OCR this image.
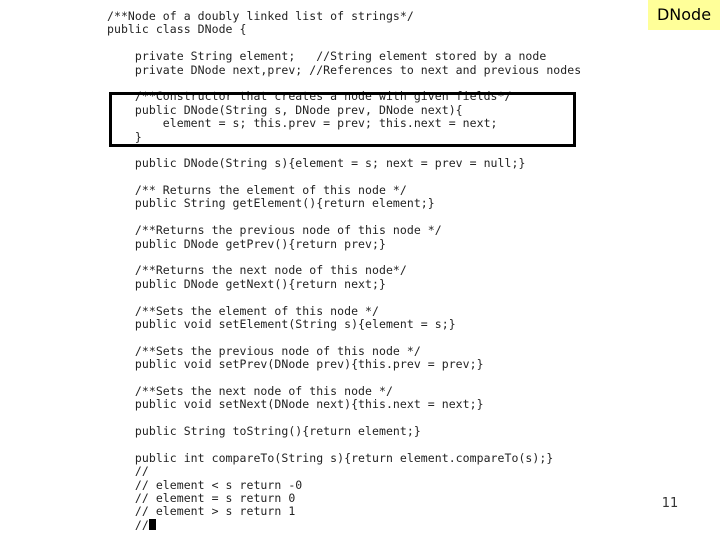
DNode
/**Node of a doubly linked list of strings*/
public class DNode {
private String element;   //String element stored by a node
private DNode next,prev; //References to next and previous nodes
/**Constructor that creates a node with given fields*/
public DNode(String s, DNode prev, DNode next){
element = s; this.prev = prev; this.next = next;
}
public DNode(String s){element = s; next = prev = null;}
/** Returns the element of this node */
public String getElement(){return element;}
/**Returns the previous node of this node */
public DNode getPrev(){return prev;}
/**Returns the next node of this node*/
public DNode getNext(){return next;}
/**Sets the element of this node */
public void setElement(String s){element = s;}
/**Sets the previous node of this node */
public void setPrev(DNode prev){this.prev = prev;}
/**Sets the next node of this node */
public void setNext(DNode next){this.next = next;}
public String toString(){return element;}
public int compareTo(String s){return element.compareTo(s);}
//
// element < s return -0
// element = s return 0
// element > s return 1
//
11
